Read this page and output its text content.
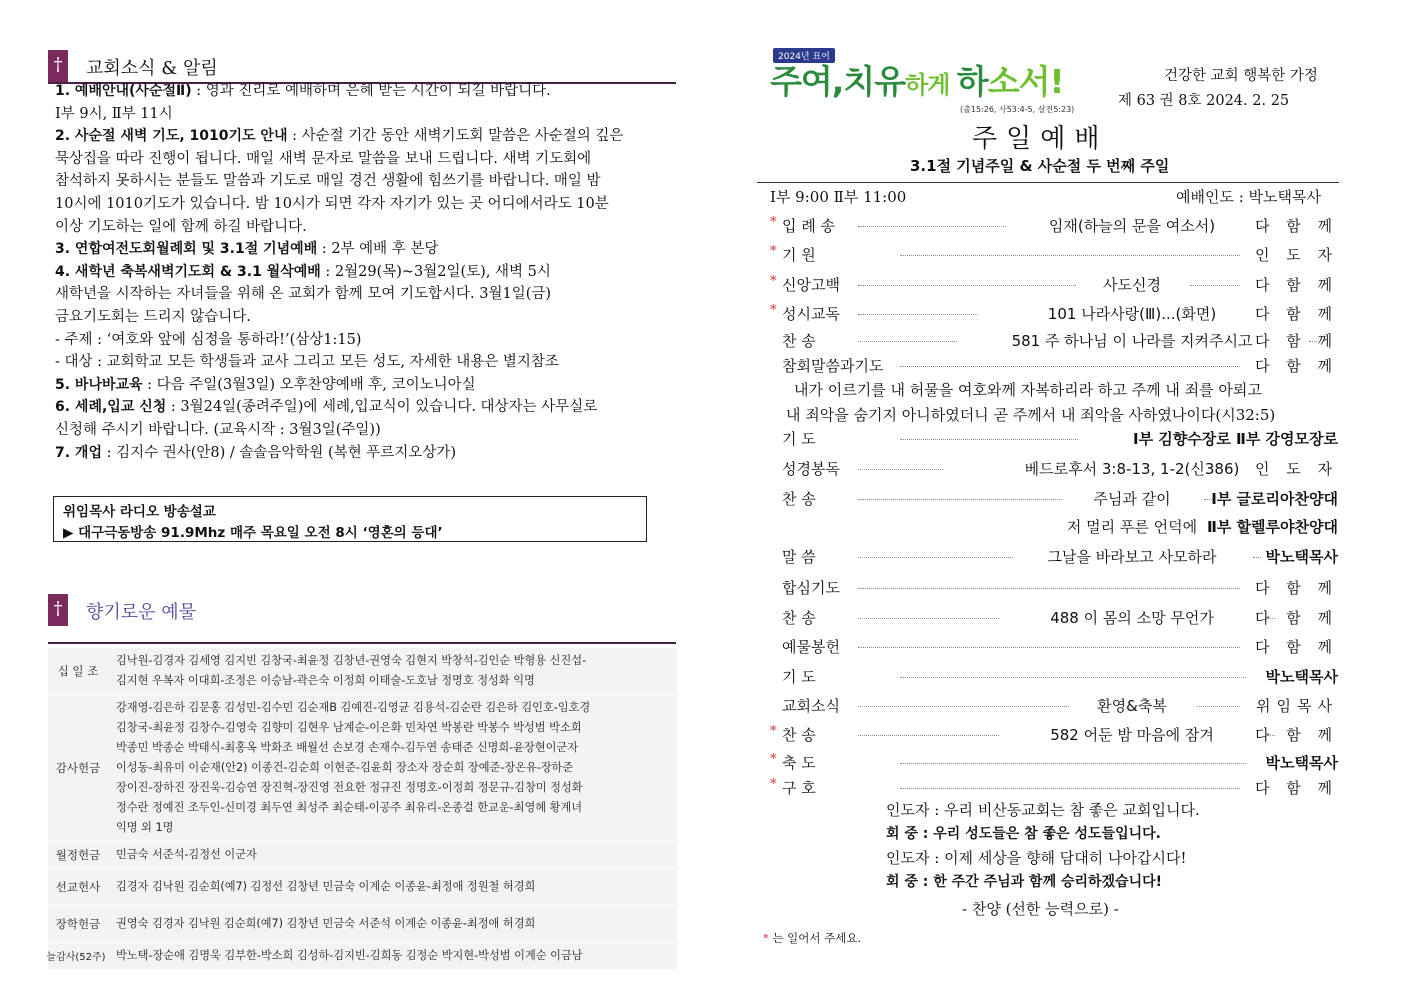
†	교회소식 & 알림
1. 예배안내(사순절Ⅱ) : 영과 진리로 예배하며 은혜 받는 시간이 되길 바랍니다.
Ⅰ부 9시, Ⅱ부 11시
2. 사순절 새벽 기도, 1010기도 안내 : 사순절 기간 동안 새벽기도회 말씀은 사순절의 깊은
묵상집을 따라 진행이 됩니다. 매일 새벽 문자로 말씀을 보내 드립니다. 새벽 기도회에
참석하지 못하시는 분들도 말씀과 기도로 매일 경건 생활에 힘쓰기를 바랍니다. 매일 밤
10시에 1010기도가 있습니다. 밤 10시가 되면 각자 자기가 있는 곳 어디에서라도 10분
이상 기도하는 일에 함께 하길 바랍니다.
3. 연합여전도회월례회 및 3.1절 기념예배 : 2부 예배 후 본당
4. 새학년 축복새벽기도회 & 3.1 월삭예배 : 2월29(목)~3월2일(토), 새벽 5시
새학년을 시작하는 자녀들을 위해 온 교회가 함께 모여 기도합시다. 3월1일(금)
금요기도회는 드리지 않습니다.
- 주제 : ‘여호와 앞에 심정을 통하라!’(삼상1:15)
- 대상 : 교회학교 모든 학생들과 교사 그리고 모든 성도, 자세한 내용은 별지참조
5. 바나바교육 : 다음 주일(3월3일) 오후찬양예배 후, 코이노니아실
6. 세례,입교 신청 : 3월24일(종려주일)에 세례,입교식이 있습니다. 대상자는 사무실로
신청해 주시기 바랍니다. (교육시작 : 3월3일(주일))
7. 개업 : 김지수 권사(안8) / 솔솔음악학원 (복현 푸르지오상가)
위임목사 라디오 방송설교
▶ 대구극동방송 91.9Mhz 매주 목요일 오전 8시 ‘영혼의 등대’
†	향기로운 예물
십 일 조
김낙원-김경자 김세영 김지빈 김창국-최윤정 김창년-권영숙 김현지 박창석-김인순 박형용 신진섭-
김지현 우복자 이대희-조정은 이승남-곽은숙 이정희 이태술-도호남 정명호 정성화 익명
감사헌금
강재영-김은하 김문홍 김성민-김수민 김순재B 김예진-김영균 김용석-김순란 김은하 김인호-임호경
김창국-최윤정 김창수-김영숙 김향미 김현우 남계순-이은화 민차연 박봉란 박봉수 박성범 박소희
박종민 박종순 박태식-최홍옥 박화조 배월선 손보경 손재수-김두연 송태준 신명희-윤장현이군자
이성동-최유미 이순재(안2) 이종건-김순희 이현준-김윤희 장소자 장순희 장예준-장온유-장하준
장이진-장하진 장진욱-김승연 장진혁-장진영 전요한 정규진 정명호-이정희 정문규-김창미 정성화
정수란 정예진 조두인-신미경 최두연 최성주 최순태-이공주 최유리-온종걸 한교운-최영혜 황계녀
익명 외 1명
월정헌금	민금숙 서준석-김정선 이군자
선교헌사	김경자 김낙원 김순희(예7) 김정선 김창년 민금숙 이계순 이종윤-최정애 정원철 허경희
장학헌금	권영숙 김경자 김낙원 김순희(예7) 김창년 민금숙 서준석 이계순 이종윤-최정애 허경희
늘감사(52주) 박노택-장순애 김명욱 김부한-박소희 김성하-김지빈-김희동 김정순 박지현-박성범 이계순 이금남
2024년 표어
주여,치유하게 하소서!
(출15:26, 사53:4-5, 살전5:23)
건강한 교회 행복한 가정
제 63 권 8호 2024. 2. 25
주일예배
3.1절 기념주일 & 사순절 두 번째 주일
Ⅰ부 9:00 Ⅱ부 11:00	예배인도 : 박노택목사
* 입 례 송	임재(하늘의 문을 여소서)	다 함 께
* 기 원	인 도 자
* 신앙고백	사도신경	다 함 께
* 성시교독	101 나라사랑(Ⅲ)...(화면)	다 함 께
찬 송	581 주 하나님 이 나라를 지켜주시고 다 함 께
참회말씀과기도	다 함 께
내가 이르기를 내 허물을 여호와께 자복하리라 하고 주께 내 죄를 아뢰고
내 죄악을 숨기지 아니하였더니 곧 주께서 내 죄악을 사하였나이다(시32:5)
기 도	Ⅰ부 김향수장로 Ⅱ부 강영모장로
성경봉독	베드로후서 3:8-13, 1-2(신386)	인 도 자
찬 송	주님과 같이	Ⅰ부 글로리아찬양대
저 멀리 푸른 언덕에 Ⅱ부 할렐루야찬양대
말 씀	그날을 바라보고 사모하라	박노택목사
합심기도	다 함 께
찬 송	488 이 몸의 소망 무언가	다 함 께
예물봉헌	다 함 께
기 도	박노택목사
교회소식	환영&축복	위임목사
* 찬 송	582 어둔 밤 마음에 잠겨	다 함 께
* 축 도	박노택목사
* 구 호	다 함 께
인도자 : 우리 비산동교회는 참 좋은 교회입니다.
회 중 : 우리 성도들은 참 좋은 성도들입니다.
인도자 : 이제 세상을 향해 담대히 나아갑시다!
회 중 : 한 주간 주님과 함께 승리하겠습니다!
- 찬양 (선한 능력으로) -
* 는 일어서 주세요.
